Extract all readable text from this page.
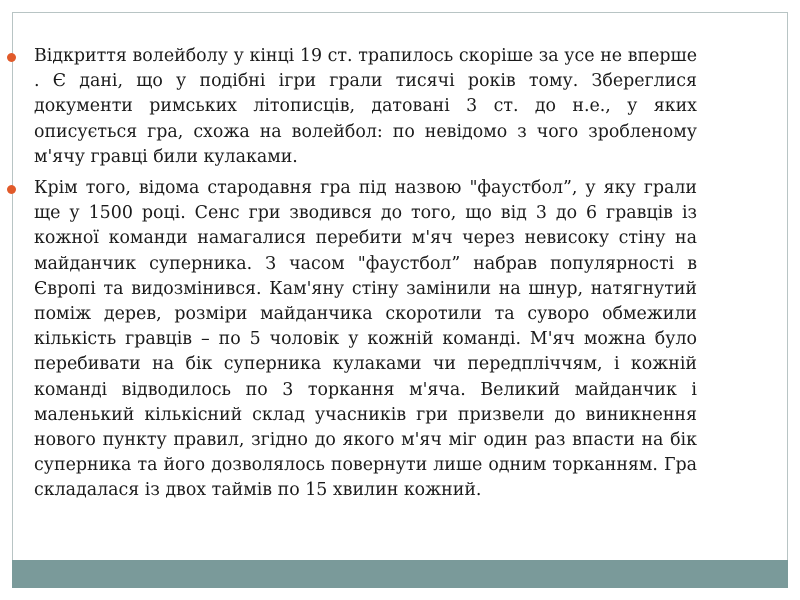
Відкриття волейболу у кінці 19 ст. трапилось скоріше за усе не вперше . Є дані, що у подібні ігри грали тисячі років тому. Збереглися документи римських літописців, датовані 3 ст. до н.е., у яких описується гра, схожа на волейбол: по невідомо з чого зробленому м'ячу гравці били кулаками.
Крім того, відома стародавня гра під назвою "фаустбол”, у яку грали ще у 1500 році. Сенс гри зводився до того, що від 3 до 6 гравців із кожної команди намагалися перебити м'яч через невисоку стіну на майданчик суперника. З часом "фаустбол” набрав популярності в Європі та видозмінився. Кам'яну стіну замінили на шнур, натягнутий поміж дерев, розміри майданчика скоротили та суворо обмежили кількість гравців – по 5 чоловік у кожній команді. М'яч можна було перебивати на бік суперника кулаками чи передпліччям, і кожній команді відводилось по 3 торкання м'яча. Великий майданчик і маленький кількісний склад учасників гри призвели до виникнення нового пункту правил, згідно до якого м'яч міг один раз впасти на бік суперника та його дозволялось повернути лише одним торканням. Гра складалася із двох таймів по 15 хвилин кожний.
